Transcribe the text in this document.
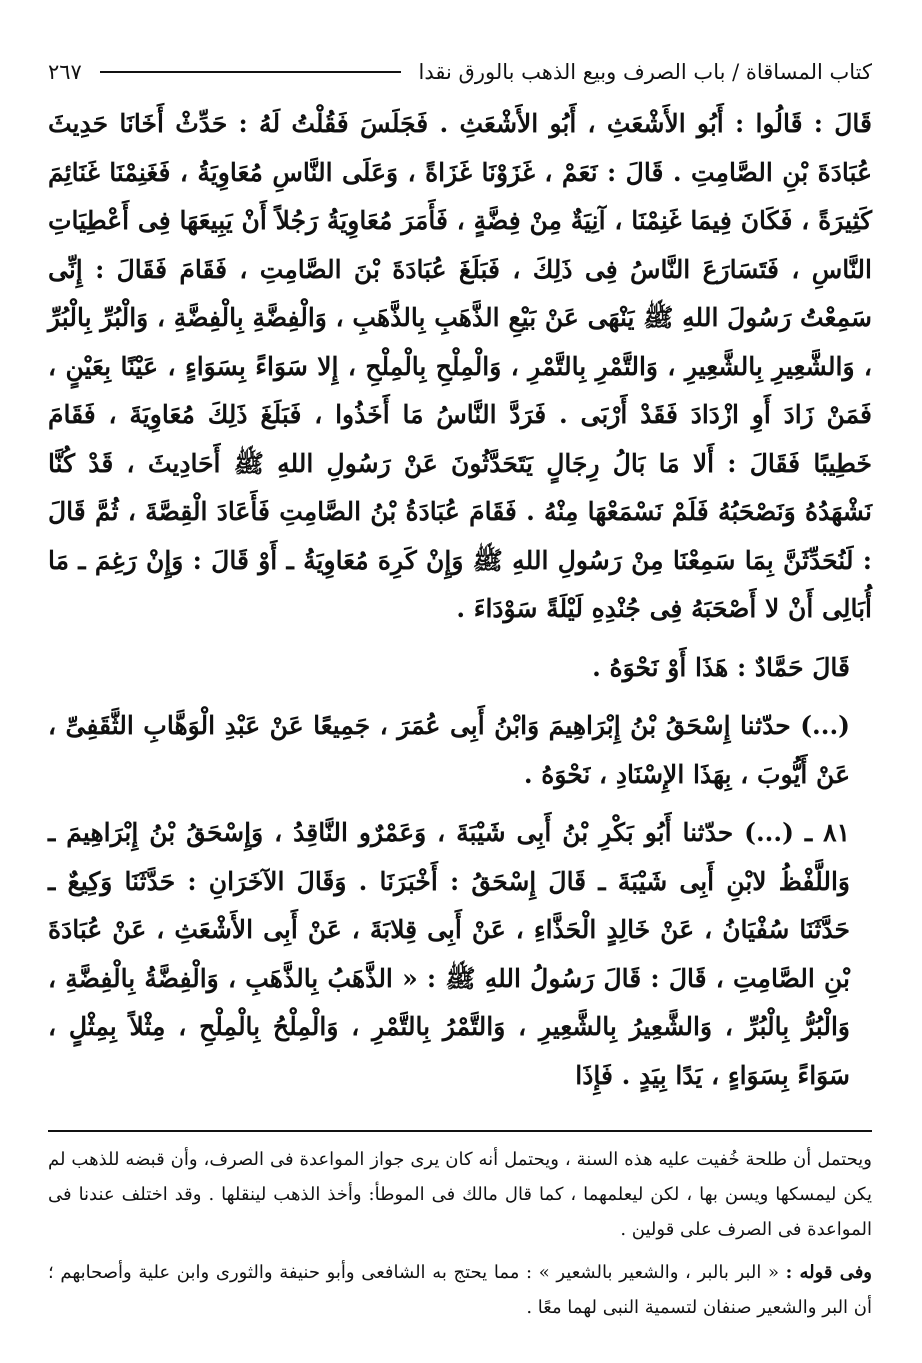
كتاب المساقاة / باب الصرف وبيع الذهب بالورق نقدا
٢٦٧

قَالَ : قَالُوا : أَبُو الأَشْعَثِ ، أَبُو الأَشْعَثِ . فَجَلَسَ فَقُلْتُ لَهُ : حَدِّثْ أَخَانَا حَدِيثَ عُبَادَةَ بْنِ الصَّامِتِ . قَالَ : نَعَمْ ، غَزَوْنَا غَزَاةً ، وَعَلَى النَّاسِ مُعَاوِيَةُ ، فَغَنِمْنَا غَنَائِمَ كَثِيرَةً ، فَكَانَ فِيمَا غَنِمْنَا ، آنِيَةٌ مِنْ فِضَّةٍ ، فَأَمَرَ مُعَاوِيَةُ رَجُلاً أَنْ يَبِيعَهَا فِى أَعْطِيَاتِ النَّاسِ ، فَتَسَارَعَ النَّاسُ فِى ذَلِكَ ، فَبَلَغَ عُبَادَةَ بْنَ الصَّامِتِ ، فَقَامَ فَقَالَ : إِنِّى سَمِعْتُ رَسُولَ اللهِ ﷺ يَنْهَى عَنْ بَيْعِ الذَّهَبِ بِالذَّهَبِ ، وَالْفِضَّةِ بِالْفِضَّةِ ، وَالْبُرِّ بِالْبُرِّ ، وَالشَّعِيرِ بِالشَّعِيرِ ، وَالتَّمْرِ بِالتَّمْرِ ، وَالْمِلْحِ بِالْمِلْحِ ، إِلا سَوَاءً بِسَوَاءٍ ، عَيْنًا بِعَيْنٍ ، فَمَنْ زَادَ أَوِ ازْدَادَ فَقَدْ أَرْبَى . فَرَدَّ النَّاسُ مَا أَخَذُوا ، فَبَلَغَ ذَلِكَ مُعَاوِيَةَ ، فَقَامَ خَطِيبًا فَقَالَ : أَلا مَا بَالُ رِجَالٍ يَتَحَدَّثُونَ عَنْ رَسُولِ اللهِ ﷺ أَحَادِيثَ ، قَدْ كُنَّا نَشْهَدُهُ وَنَصْحَبُهُ فَلَمْ نَسْمَعْهَا مِنْهُ . فَقَامَ عُبَادَةُ بْنُ الصَّامِتِ فَأَعَادَ الْقِصَّةَ ، ثُمَّ قَالَ : لَنُحَدِّثَنَّ بِمَا سَمِعْنَا مِنْ رَسُولِ اللهِ ﷺ وَإِنْ كَرِهَ مُعَاوِيَةُ ـ أَوْ قَالَ : وَإِنْ رَغِمَ ـ مَا أُبَالِى أَنْ لا أَصْحَبَهُ فِى جُنْدِهِ لَيْلَةً سَوْدَاءَ .

قَالَ حَمَّادٌ : هَذَا أَوْ نَحْوَهُ .

(...) حدّثنا إِسْحَقُ بْنُ إِبْرَاهِيمَ وَابْنُ أَبِى عُمَرَ ، جَمِيعًا عَنْ عَبْدِ الْوَهَّابِ الثَّقَفِىِّ ، عَنْ أَيُّوبَ ، بِهَذَا الإِسْنَادِ ، نَحْوَهُ .

٨١ ـ (...) حدّثنا أَبُو بَكْرِ بْنُ أَبِى شَيْبَةَ ، وَعَمْرٌو النَّاقِدُ ، وَإِسْحَقُ بْنُ إِبْرَاهِيمَ ـ وَاللَّفْظُ لابْنِ أَبِى شَيْبَةَ ـ قَالَ إِسْحَقُ : أَخْبَرَنَا . وَقَالَ الآخَرَانِ : حَدَّثَنَا وَكِيعٌ ـ حَدَّثَنَا سُفْيَانُ ، عَنْ خَالِدٍ الْحَذَّاءِ ، عَنْ أَبِى قِلابَةَ ، عَنْ أَبِى الأَشْعَثِ ، عَنْ عُبَادَةَ بْنِ الصَّامِتِ ، قَالَ : قَالَ رَسُولُ اللهِ ﷺ : « الذَّهَبُ بِالذَّهَبِ ، وَالْفِضَّةُ بِالْفِضَّةِ ، وَالْبُرُّ بِالْبُرِّ ، وَالشَّعِيرُ بِالشَّعِيرِ ، وَالتَّمْرُ بِالتَّمْرِ ، وَالْمِلْحُ بِالْمِلْحِ ، مِثْلاً بِمِثْلٍ ، سَوَاءً بِسَوَاءٍ ، يَدًا بِيَدٍ . فَإِذَا

ويحتمل أن طلحة خُفيت عليه هذه السنة ، ويحتمل أنه كان يرى جواز المواعدة فى الصرف، وأن قبضه للذهب لم يكن ليمسكها ويسن بها ، لكن ليعلمهما ، كما قال مالك فى الموطأ: وأخذ الذهب لينقلها . وقد اختلف عندنا فى المواعدة فى الصرف على قولين .

وفى قوله : « البر بالبر ، والشعير بالشعير » : مما يحتج به الشافعى وأبو حنيفة والثورى وابن علية وأصحابهم ؛ أن البر والشعير صنفان لتسمية النبى لهما معًا .
